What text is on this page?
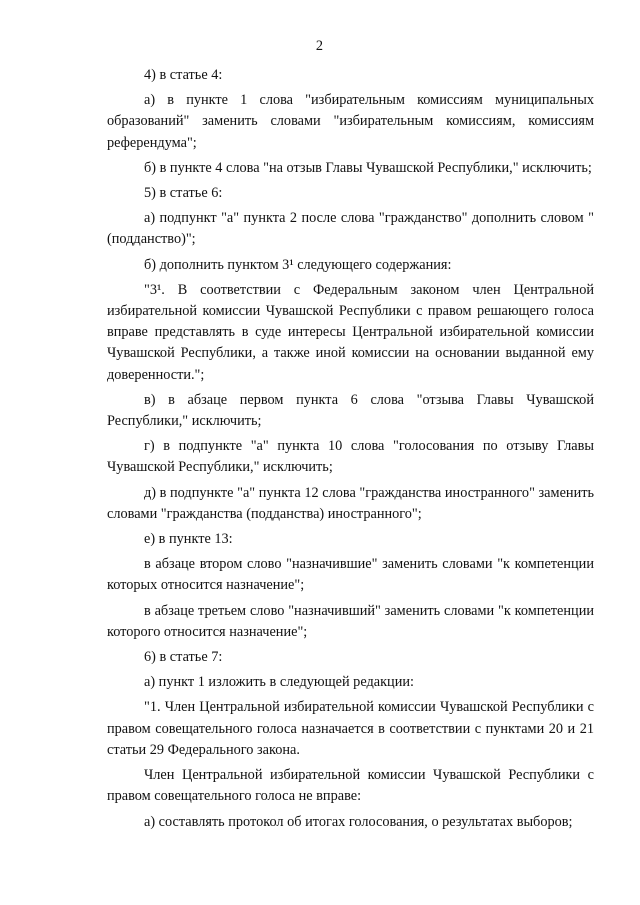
2

4) в статье 4:

а) в пункте 1 слова "избирательным комиссиям муниципальных образований" заменить словами "избирательным комиссиям, комиссиям референдума";

б) в пункте 4 слова "на отзыв Главы Чувашской Республики," исключить;

5) в статье 6:

а) подпункт "а" пункта 2 после слова "гражданство" дополнить словом "(подданство)";

б) дополнить пунктом 3¹ следующего содержания:

"3¹. В соответствии с Федеральным законом член Центральной избирательной комиссии Чувашской Республики с правом решающего голоса вправе представлять в суде интересы Центральной избирательной комиссии Чувашской Республики, а также иной комиссии на основании выданной ему доверенности.";

в) в абзаце первом пункта 6 слова "отзыва Главы Чувашской Республики," исключить;

г) в подпункте "а" пункта 10 слова "голосования по отзыву Главы Чувашской Республики," исключить;

д) в подпункте "а" пункта 12 слова "гражданства иностранного" заменить словами "гражданства (подданства) иностранного";

е) в пункте 13:

в абзаце втором слово "назначившие" заменить словами "к компетенции которых относится назначение";

в абзаце третьем слово "назначивший" заменить словами "к компетенции которого относится назначение";

6) в статье 7:

а) пункт 1 изложить в следующей редакции:

"1. Член Центральной избирательной комиссии Чувашской Республики с правом совещательного голоса назначается в соответствии с пунктами 20 и 21 статьи 29 Федерального закона.

Член Центральной избирательной комиссии Чувашской Республики с правом совещательного голоса не вправе:

а) составлять протокол об итогах голосования, о результатах выборов;
